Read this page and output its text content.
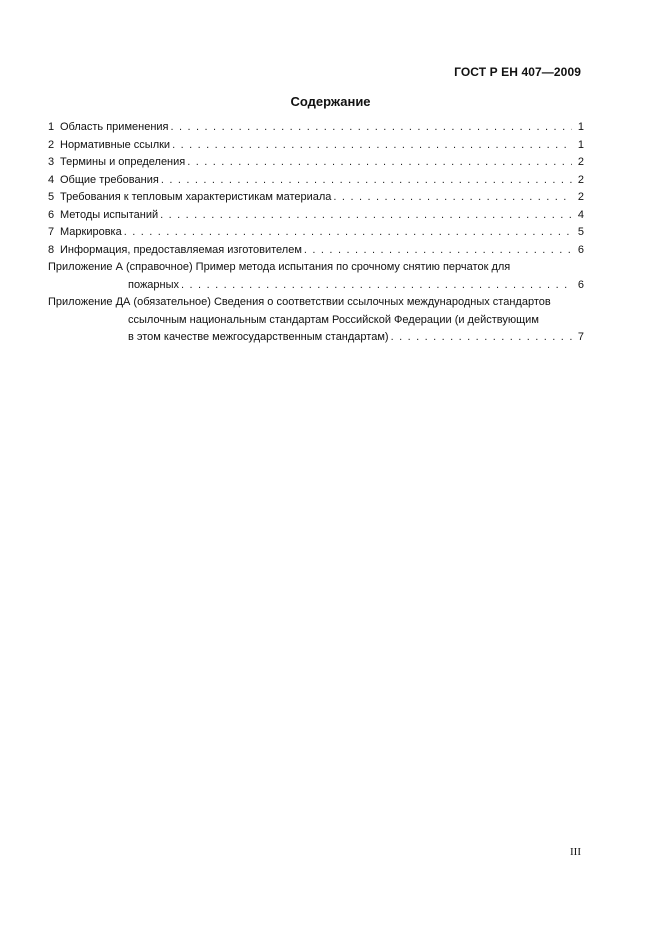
ГОСТ Р ЕН 407—2009
Содержание
1 Область применения . . .	1
2 Нормативные ссылки . . .	1
3 Термины и определения . . .	2
4 Общие требования . . .	2
5 Требования к тепловым характеристикам материала . . .	2
6 Методы испытаний . . .	4
7 Маркировка . . .	5
8 Информация, предоставляемая изготовителем . . .	6
Приложение А (справочное) Пример метода испытания по срочному снятию перчаток для
пожарных . . .	6
Приложение ДА (обязательное) Сведения о соответствии ссылочных международных стандартов
ссылочным национальным стандартам Российской Федерации (и действующим
в этом качестве межгосударственным стандартам) . . .	7
III
